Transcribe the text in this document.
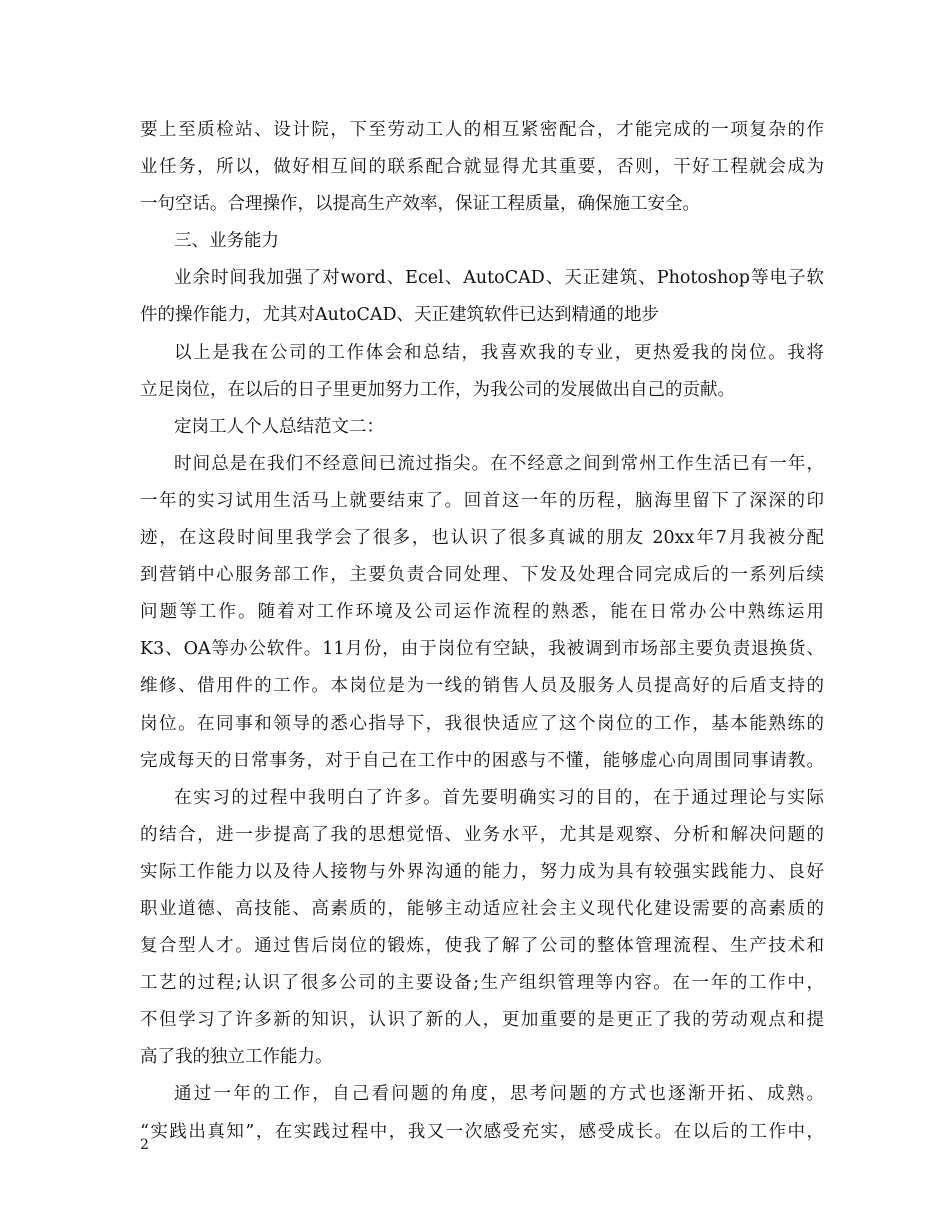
要上至质检站、设计院，下至劳动工人的相互紧密配合，才能完成的一项复杂的作
业任务，所以，做好相互间的联系配合就显得尤其重要，否则，干好工程就会成为
一句空话。合理操作，以提高生产效率，保证工程质量，确保施工安全。
三、业务能力
业余时间我加强了对word、Ecel、AutoCAD、天正建筑、Photoshop等电子软
件的操作能力，尤其对AutoCAD、天正建筑软件已达到精通的地步
以上是我在公司的工作体会和总结，我喜欢我的专业，更热爱我的岗位。我将
立足岗位，在以后的日子里更加努力工作，为我公司的发展做出自己的贡献。
定岗工人个人总结范文二：
时间总是在我们不经意间已流过指尖。在不经意之间到常州工作生活已有一年，
一年的实习试用生活马上就要结束了。回首这一年的历程，脑海里留下了深深的印
迹，在这段时间里我学会了很多，也认识了很多真诚的朋友 20xx年7月我被分配
到营销中心服务部工作，主要负责合同处理、下发及处理合同完成后的一系列后续
问题等工作。随着对工作环境及公司运作流程的熟悉，能在日常办公中熟练运用
K3、OA等办公软件。11月份，由于岗位有空缺，我被调到市场部主要负责退换货、
维修、借用件的工作。本岗位是为一线的销售人员及服务人员提高好的后盾支持的
岗位。在同事和领导的悉心指导下，我很快适应了这个岗位的工作，基本能熟练的
完成每天的日常事务，对于自己在工作中的困惑与不懂，能够虚心向周围同事请教。
在实习的过程中我明白了许多。首先要明确实习的目的，在于通过理论与实际
的结合，进一步提高了我的思想觉悟、业务水平，尤其是观察、分析和解决问题的
实际工作能力以及待人接物与外界沟通的能力，努力成为具有较强实践能力、良好
职业道德、高技能、高素质的，能够主动适应社会主义现代化建设需要的高素质的
复合型人才。通过售后岗位的锻炼，使我了解了公司的整体管理流程、生产技术和
工艺的过程;认识了很多公司的主要设备;生产组织管理等内容。在一年的工作中，
不但学习了许多新的知识，认识了新的人，更加重要的是更正了我的劳动观点和提
高了我的独立工作能力。
通过一年的工作，自己看问题的角度，思考问题的方式也逐渐开拓、成熟。
“实践出真知”，在实践过程中，我又一次感受充实，感受成长。在以后的工作中，
2
